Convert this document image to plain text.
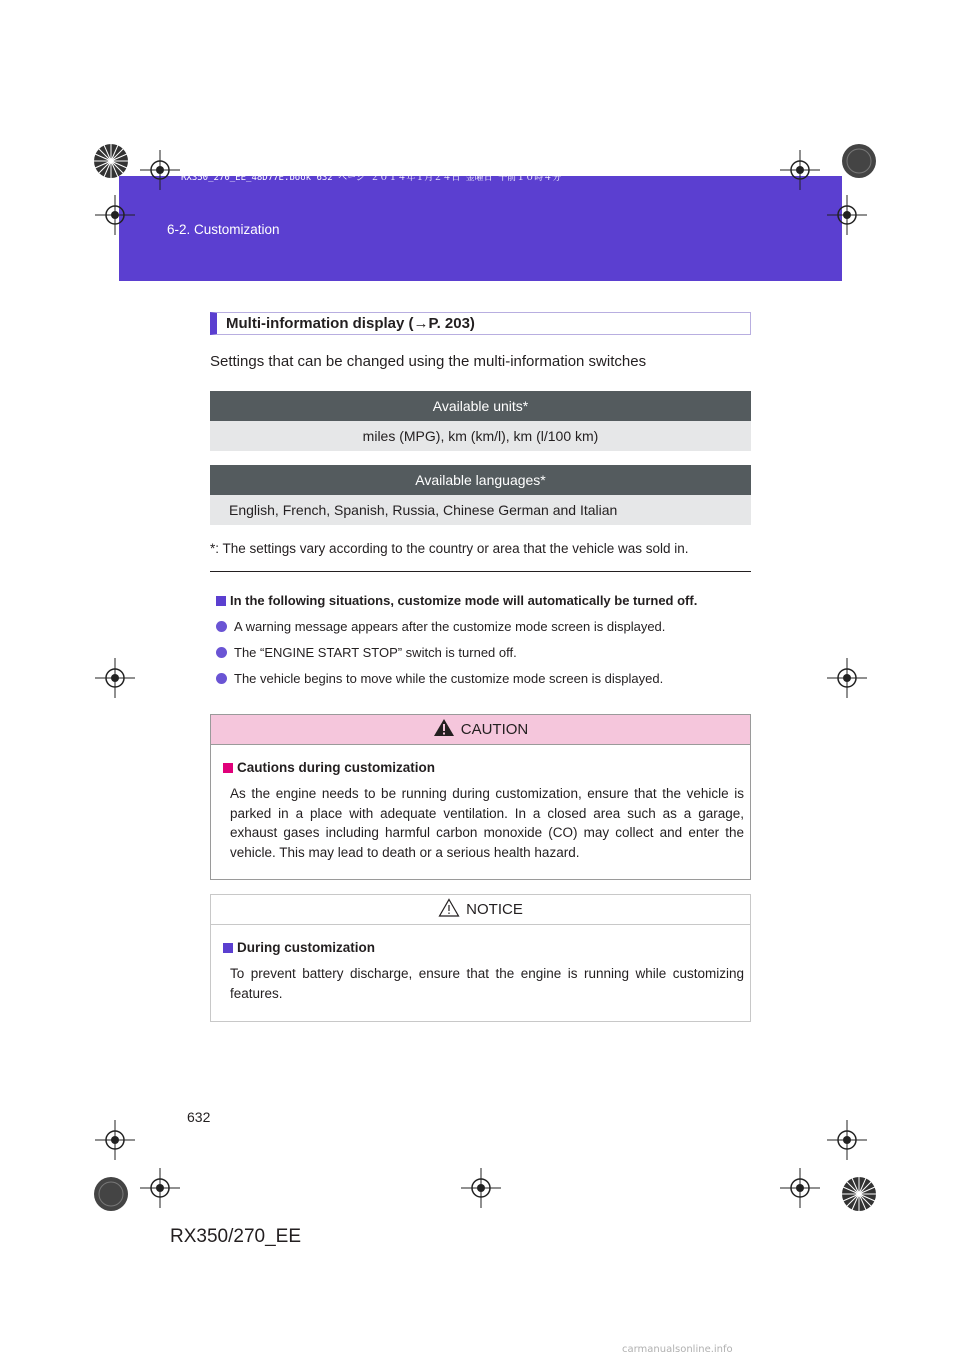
RX350_270_EE_48D77E.book 632 ページ ２０１４年１月２４日 金曜日 午前１０時４分
6-2. Customization
Multi-information display (→P. 203)
Settings that can be changed using the multi-information switches
Available units*
miles (MPG), km (km/l), km (l/100 km)
Available languages*
English, French, Spanish, Russia, Chinese German and Italian
*: The settings vary according to the country or area that the vehicle was sold in.
In the following situations, customize mode will automatically be turned off.
A warning message appears after the customize mode screen is displayed.
The “ENGINE START STOP” switch is turned off.
The vehicle begins to move while the customize mode screen is displayed.
CAUTION
Cautions during customization
As the engine needs to be running during customization, ensure that the vehicle is parked in a place with adequate ventilation. In a closed area such as a garage, exhaust gases including harmful carbon monoxide (CO) may collect and enter the vehicle. This may lead to death or a serious health hazard.
NOTICE
During customization
To prevent battery discharge, ensure that the engine is running while customizing features.
632
RX350/270_EE
carmanualsonline.info
